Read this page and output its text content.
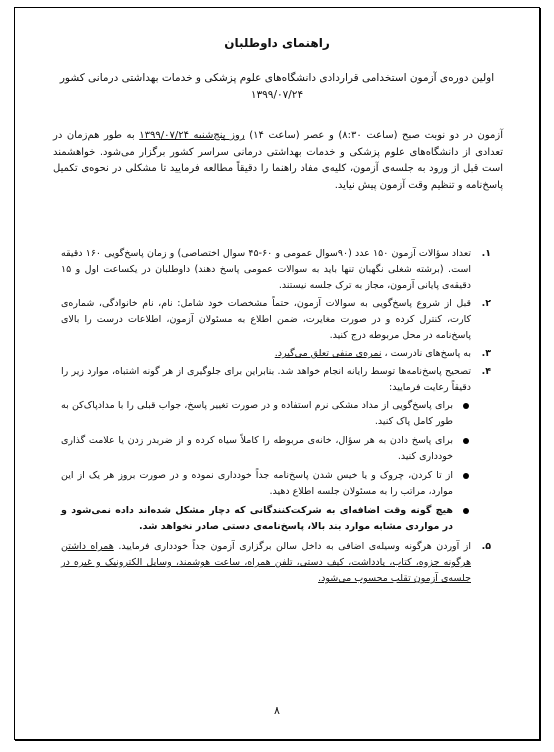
راهنمای داوطلبان
اولین دوره‌ی آزمون استخدامی قراردادی دانشگاه‌های علوم پزشکی و خدمات بهداشتی درمانی کشور
۱۳۹۹/۰۷/۲۴
آزمون در دو نوبت صبح (ساعت ۸:۳۰) و عصر (ساعت ۱۴) روز پنج‌شنبه ۱۳۹۹/۰۷/۲۴ به طور هم‌زمان در تعدادی از دانشگاه‌های علوم پزشکی و خدمات بهداشتی درمانی سراسر کشور برگزار می‌شود. خواهشمند است قبل از ورود به جلسه‌ی آزمون، کلیه‌ی مفاد راهنما را دقیقاً مطالعه فرمایید تا مشکلی در نحوه‌ی تکمیل پاسخ‌نامه و تنظیم وقت آزمون پیش نیاید.
۱.
تعداد سؤالات آزمون ۱۵۰ عدد (۹۰سوال عمومی و ۶۰-۴۵ سوال اختصاصی) و زمان پاسخ‌گویی ۱۶۰ دقیقه است. (برشته شغلی نگهبان تنها باید به سوالات عمومی پاسخ دهند) داوطلبان در یکساعت اول و ۱۵ دقیقه‌ی پایانی آزمون، مجاز به ترک جلسه نیستند.
۲.
قبل از شروع پاسخ‌گویی به سوالات آزمون، حتماً مشخصات خود شامل: نام، نام خانوادگی، شماره‌ی کارت، کنترل کرده و در صورت مغایرت، ضمن اطلاع به مسئولان آزمون، اطلاعات درست را بالای پاسخ‌نامه در محل مربوطه درج کنید.
۳.
به پاسخ‌های نادرست ، نمره‌ی منفی تعلق می‌گیرد.
۴.
تصحیح پاسخ‌نامه‌ها توسط رایانه انجام خواهد شد. بنابراین برای جلوگیری از هر گونه اشتباه، موارد زیر را دقیقاً رعایت فرمایید:
برای پاسخ‌گویی از مداد مشکی نرم استفاده و در صورت تغییر پاسخ، جواب قبلی را با مدادپاک‌کن به طور کامل پاک کنید.
برای پاسخ دادن به هر سؤال، خانه‌ی مربوطه را کاملاً سیاه کرده و از ضربدر زدن یا علامت گذاری خودداری کنید.
از تا کردن، چروک و یا خیس شدن پاسخ‌نامه جداً خودداری نموده و در صورت بروز هر یک از این موارد، مراتب را به مسئولان جلسه اطلاع دهید.
هیچ گونه وقت اضافه‌ای به شرکت‌کنندگانی که دچار مشکل شده‌اند داده نمی‌شود و در مواردی مشابه موارد بند بالا، پاسخ‌نامه‌ی دستی صادر نخواهد شد.
۵.
از آوردن هرگونه وسیله‌ی اضافی به داخل سالن برگزاری آزمون جداً خودداری فرمایید. همراه داشتن هرگونه جزوه، کتاب، یادداشت، کیف دستی، تلفن همراه، ساعت هوشمند، وسایل الکترونیک و غیره در جلسه‌ی آزمون تقلب محسوب می‌شود.
۸
